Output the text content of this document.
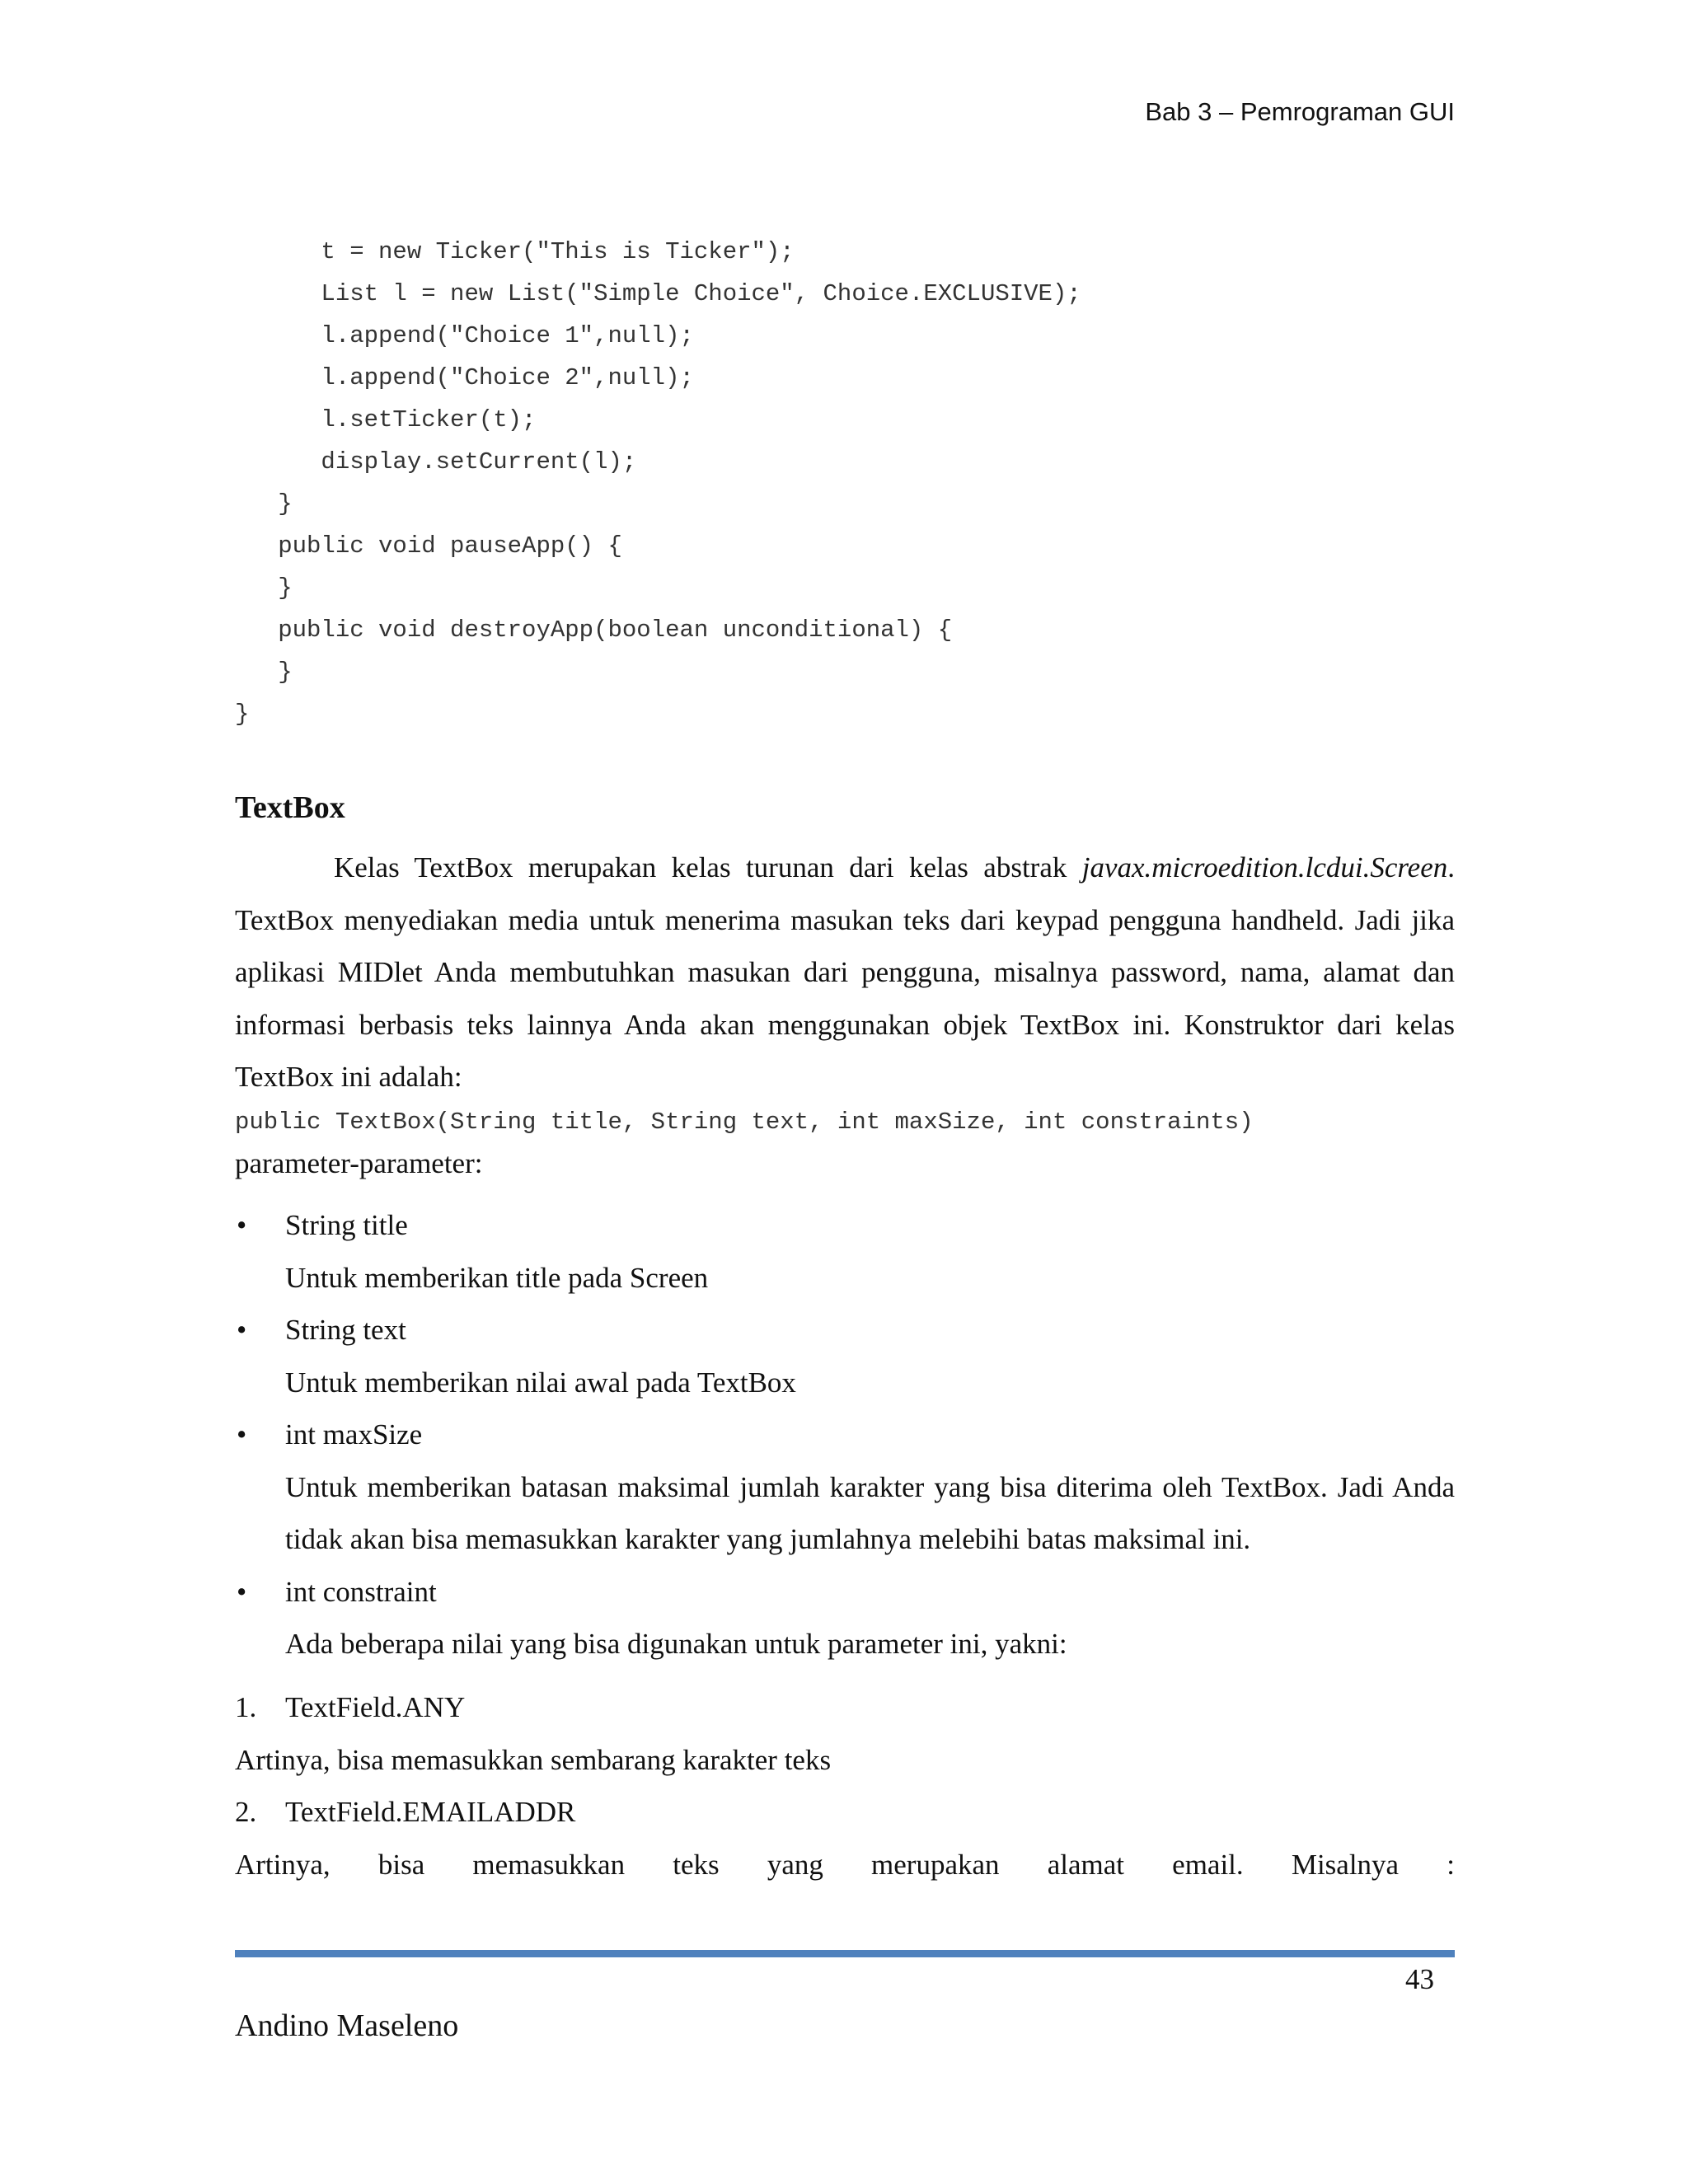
Bab 3 – Pemrograman GUI
t = new Ticker("This is Ticker");
List l = new List("Simple Choice", Choice.EXCLUSIVE);
l.append("Choice 1",null);
l.append("Choice 2",null);
l.setTicker(t);
display.setCurrent(l);
}
public void pauseApp() {
}
public void destroyApp(boolean unconditional) {
}
}
TextBox

Kelas TextBox merupakan kelas turunan dari kelas abstrak javax.microedition.lcdui.Screen. TextBox menyediakan media untuk menerima masukan teks dari keypad pengguna handheld. Jadi jika aplikasi MIDlet Anda membutuhkan masukan dari pengguna, misalnya password, nama, alamat dan informasi berbasis teks lainnya Anda akan menggunakan objek TextBox ini. Konstruktor dari kelas TextBox ini adalah:

public TextBox(String title, String text, int maxSize, int constraints)
parameter-parameter:
•	String title
Untuk memberikan title pada Screen
•	String text
Untuk memberikan nilai awal pada TextBox
•	int maxSize
Untuk memberikan batasan maksimal jumlah karakter yang bisa diterima oleh TextBox. Jadi Anda tidak akan bisa memasukkan karakter yang jumlahnya melebihi batas maksimal ini.
•	int constraint
Ada beberapa nilai yang bisa digunakan untuk parameter ini, yakni:
1. TextField.ANY
Artinya, bisa memasukkan sembarang karakter teks
2. TextField.EMAILADDR
Artinya, bisa memasukkan teks yang merupakan alamat email. Misalnya :
43
Andino Maseleno
